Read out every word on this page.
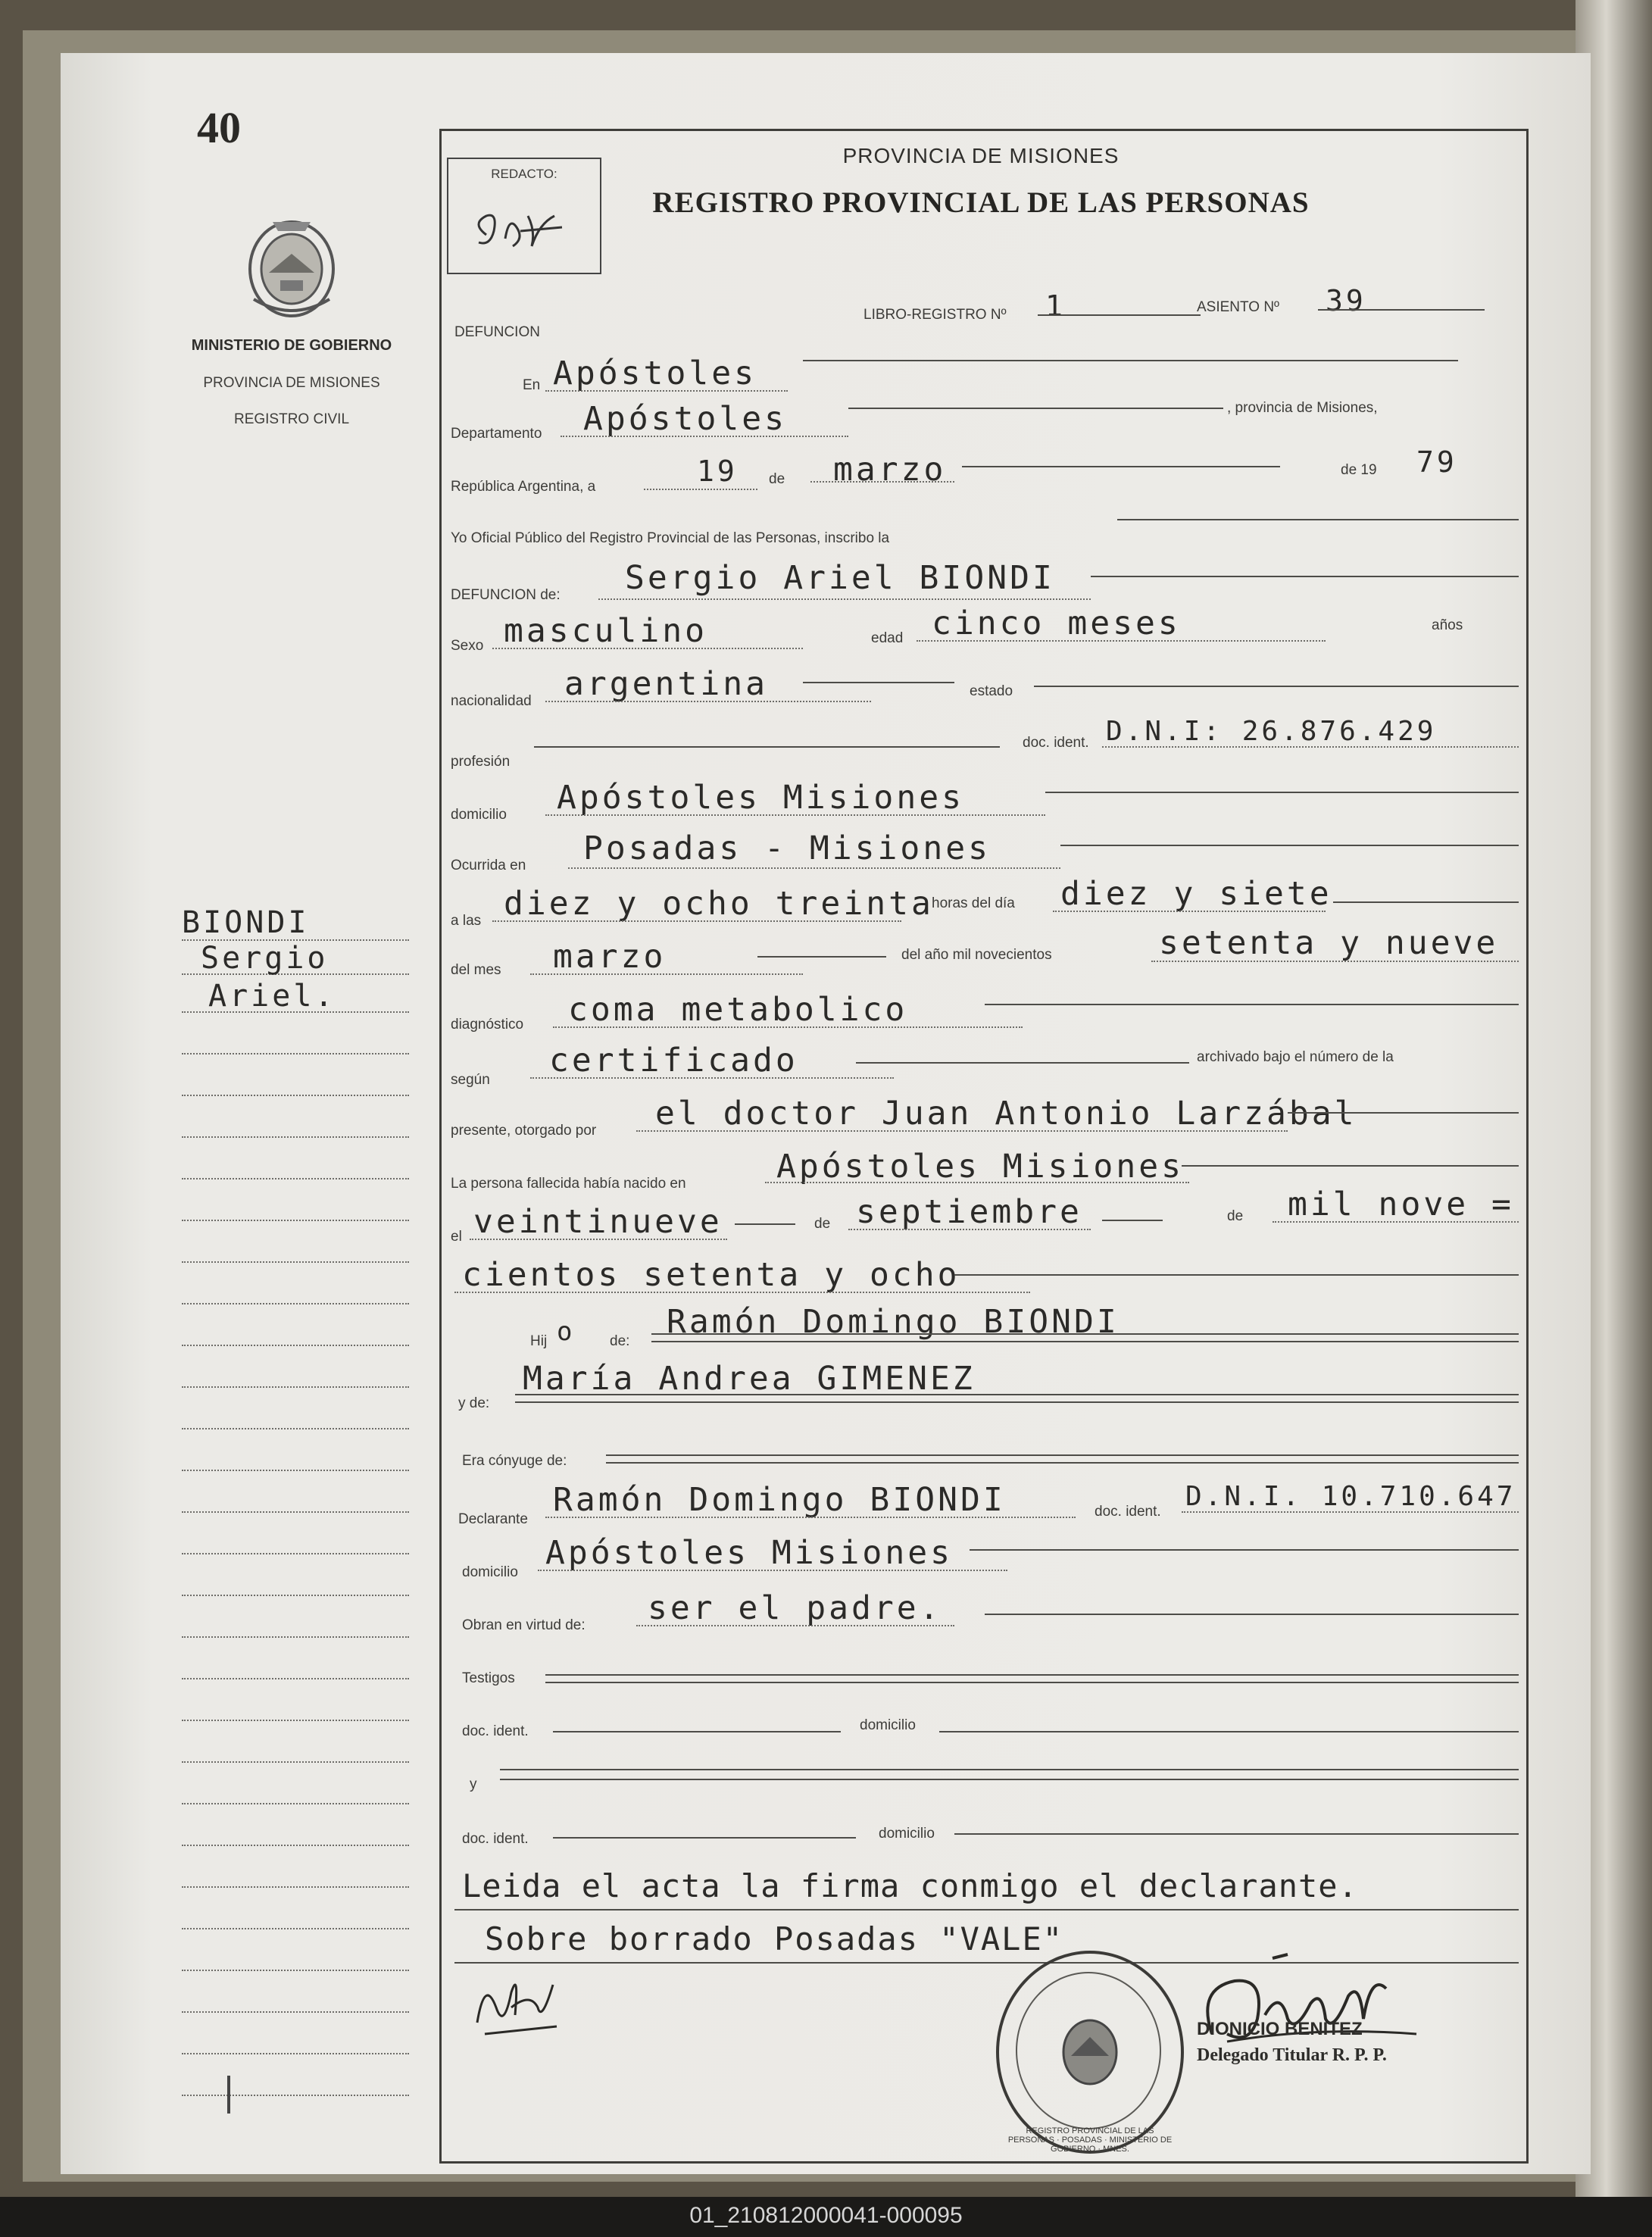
40
MINISTERIO DE GOBIERNO
PROVINCIA DE MISIONES
REGISTRO CIVIL
BIONDI
Sergio
Ariel.
REDACTO:
PROVINCIA DE MISIONES
REGISTRO PROVINCIAL DE LAS PERSONAS
LIBRO-REGISTRO Nº 1	ASIENTO Nº 39
DEFUNCION
En Apóstoles
Departamento Apóstoles	, provincia de Misiones,
República Argentina, a	19 de marzo	de 19 79
Yo Oficial Público del Registro Provincial de las Personas, inscribo la
DEFUNCION de: Sergio Ariel BIONDI
Sexo masculino	edad cinco meses	años
nacionalidad argentina	estado
profesión
doc. ident. D.N.I: 26.876.429
domicilio Apóstoles Misiones
Ocurrida en Posadas - Misiones
a las diez y ocho treinta
horas del día diez y siete
del mes marzo	del año mil novecientos	setenta y nueve
diagnóstico coma metabolico
según
certificado	archivado bajo el número de la
presente, otorgado por el doctor Juan Antonio Larzábal
La persona fallecida había nacido en	Apóstoles Misiones
el veintinueve	de septiembre	de mil nove =
cientos setenta y ocho
Hij o de:
Ramón Domingo BIONDI
y de:
María Andrea GIMENEZ
Era cónyuge de:
Declarante
Ramón Domingo BIONDI	doc. ident. D.N.I. 10.710.647
domicilio
Apóstoles Misiones
Obran en virtud de: ser el padre.
Testigos
doc. ident.	domicilio
y
doc. ident.	domicilio
Leida el acta la firma conmigo el declarante.
Sobre borrado Posadas "VALE"
REGISTRO PROVINCIAL DE LAS PERSONAS · POSADAS · MINISTERIO DE GOBIERNO · MNES.
DIONICIO BENITEZ
Delegado Titular R. P. P.
01_210812000041-000095
